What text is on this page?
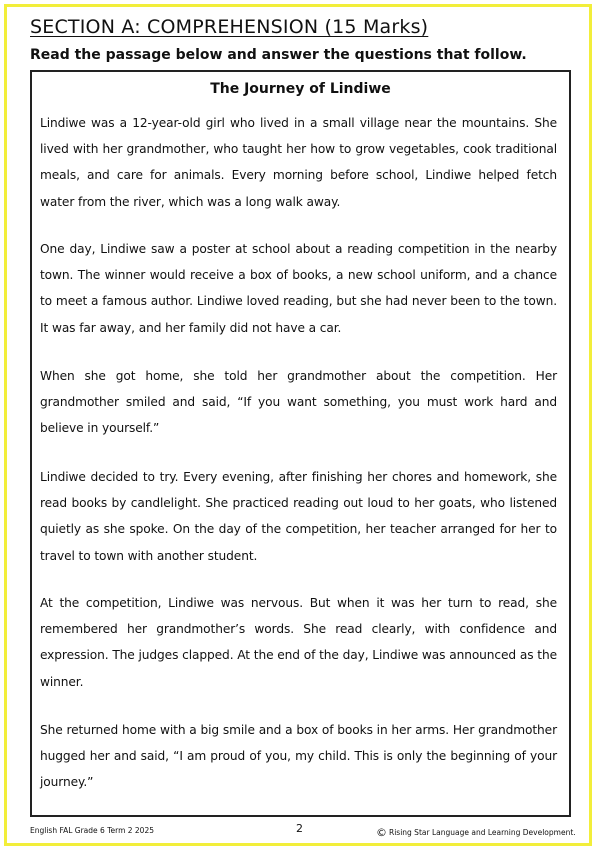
SECTION A: COMPREHENSION (15 Marks)
Read the passage below and answer the questions that follow.
The Journey of Lindiwe

Lindiwe was a 12-year-old girl who lived in a small village near the mountains. She lived with her grandmother, who taught her how to grow vegetables, cook traditional meals, and care for animals. Every morning before school, Lindiwe helped fetch water from the river, which was a long walk away.

One day, Lindiwe saw a poster at school about a reading competition in the nearby town. The winner would receive a box of books, a new school uniform, and a chance to meet a famous author. Lindiwe loved reading, but she had never been to the town. It was far away, and her family did not have a car.

When she got home, she told her grandmother about the competition. Her grandmother smiled and said, “If you want something, you must work hard and believe in yourself.”

Lindiwe decided to try. Every evening, after finishing her chores and homework, she read books by candlelight. She practiced reading out loud to her goats, who listened quietly as she spoke. On the day of the competition, her teacher arranged for her to travel to town with another student.

At the competition, Lindiwe was nervous. But when it was her turn to read, she remembered her grandmother’s words. She read clearly, with confidence and expression. The judges clapped. At the end of the day, Lindiwe was announced as the winner.

She returned home with a big smile and a box of books in her arms. Her grandmother hugged her and said, “I am proud of you, my child. This is only the beginning of your journey.”

English FAL Grade 6 Term 2 2025	2	© Rising Star Language and Learning Development.
